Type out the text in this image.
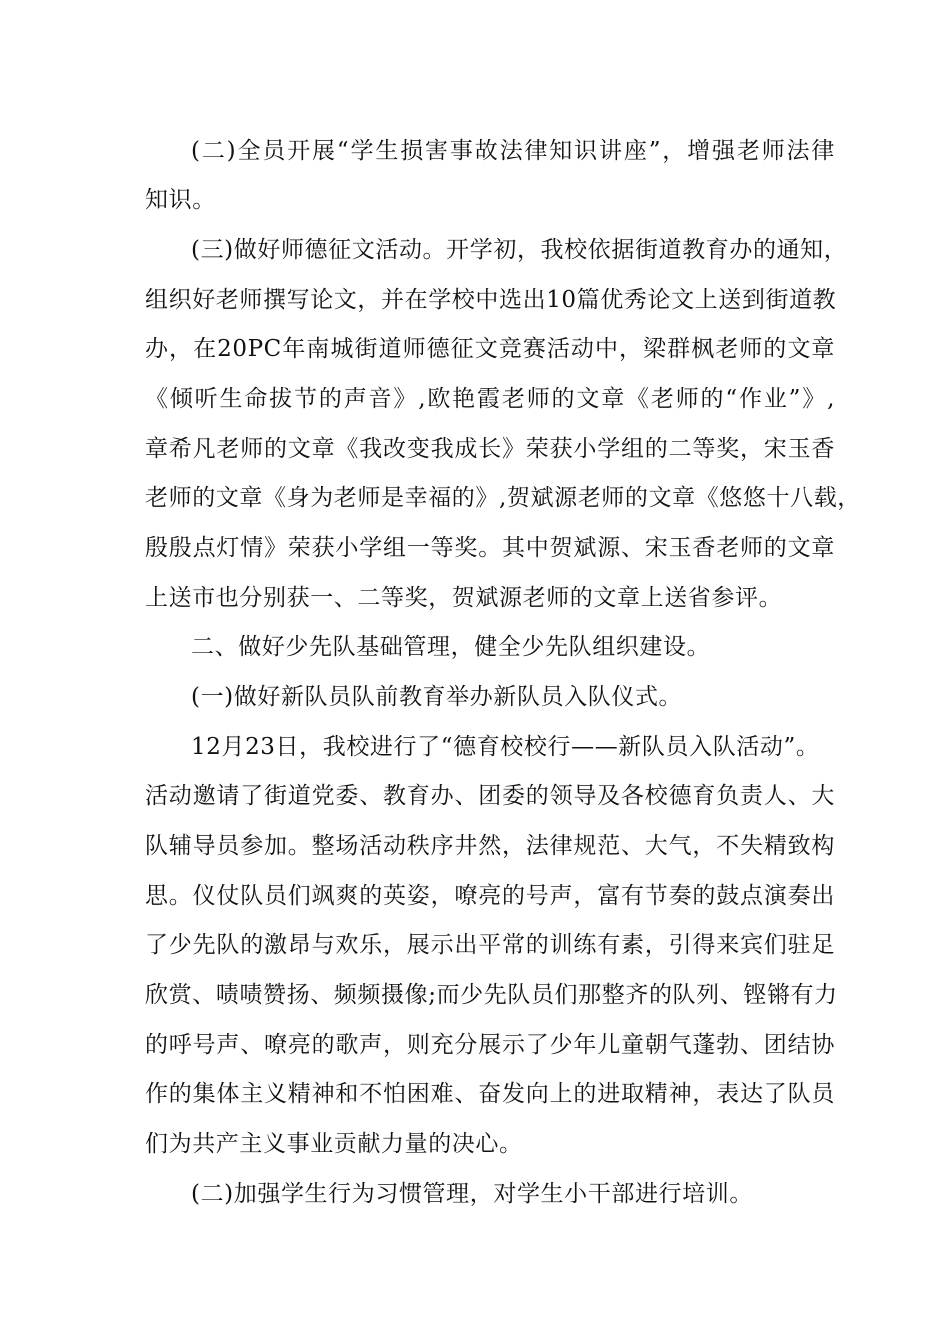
(二)全员开展“学生损害事故法律知识讲座”，增强老师法律
知识。
(三)做好师德征文活动。开学初，我校依据街道教育办的通知，
组织好老师撰写论文，并在学校中选出10篇优秀论文上送到街道教
办，在20PC年南城街道师德征文竞赛活动中，梁群枫老师的文章
《倾听生命拔节的声音》,欧艳霞老师的文章《老师的“作业”》,
章希凡老师的文章《我改变我成长》荣获小学组的二等奖，宋玉香
老师的文章《身为老师是幸福的》,贺斌源老师的文章《悠悠十八载，
殷殷点灯情》荣获小学组一等奖。其中贺斌源、宋玉香老师的文章
上送市也分别获一、二等奖，贺斌源老师的文章上送省参评。
二、做好少先队基础管理，健全少先队组织建设。
(一)做好新队员队前教育举办新队员入队仪式。
12月23日，我校进行了“德育校校行——新队员入队活动”。
活动邀请了街道党委、教育办、团委的领导及各校德育负责人、大
队辅导员参加。整场活动秩序井然，法律规范、大气，不失精致构
思。仪仗队员们飒爽的英姿，嘹亮的号声，富有节奏的鼓点演奏出
了少先队的激昂与欢乐，展示出平常的训练有素，引得来宾们驻足
欣赏、啧啧赞扬、频频摄像;而少先队员们那整齐的队列、铿锵有力
的呼号声、嘹亮的歌声，则充分展示了少年儿童朝气蓬勃、团结协
作的集体主义精神和不怕困难、奋发向上的进取精神，表达了队员
们为共产主义事业贡献力量的决心。
(二)加强学生行为习惯管理，对学生小干部进行培训。
